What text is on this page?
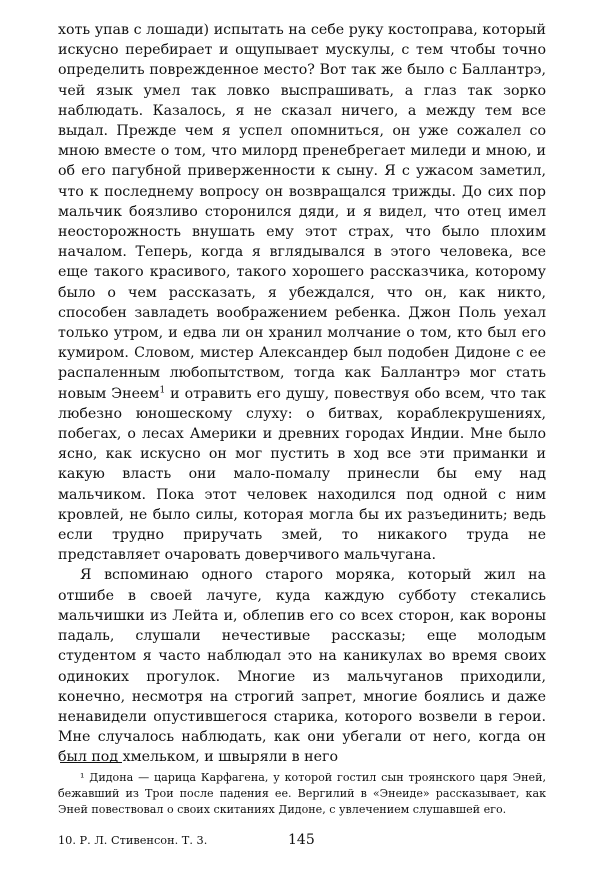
хоть упав с лошади) испытать на себе руку костоправа, который искусно перебирает и ощупывает мускулы, с тем чтобы точно определить поврежденное место? Вот так же было с Баллантрэ, чей язык умел так ловко выспрашивать, а глаз так зорко наблюдать. Казалось, я не сказал ничего, а между тем все выдал. Прежде чем я успел опомниться, он уже сожалел со мною вместе о том, что милорд пренебрегает миледи и мною, и об его пагубной приверженности к сыну. Я с ужасом заметил, что к последнему вопросу он возвращался трижды. До сих пор мальчик боязливо сторонился дяди, и я видел, что отец имел неосторожность внушать ему этот страх, что было плохим началом. Теперь, когда я вглядывался в этого человека, все еще такого красивого, такого хорошего рассказчика, которому было о чем рассказать, я убеждался, что он, как никто, способен завладеть воображением ребенка. Джон Поль уехал только утром, и едва ли он хранил молчание о том, кто был его кумиром. Словом, мистер Александер был подобен Дидоне с ее распаленным любопытством, тогда как Баллантрэ мог стать новым Энеем$^1$ и отравить его душу, повествуя обо всем, что так любезно юношескому слуху: о битвах, кораблекрушениях, побегах, о лесах Америки и древних городах Индии. Мне было ясно, как искусно он мог пустить в ход все эти приманки и какую власть они мало-помалу принесли бы ему над мальчиком. Пока этот человек находился под одной с ним кровлей, не было силы, которая могла бы их разъединить; ведь если трудно приручать змей, то никакого труда не представляет очаровать доверчивого мальчугана.

Я вспоминаю одного старого моряка, который жил на отшибе в своей лачуге, куда каждую субботу стекались мальчишки из Лейта и, облепив его со всех сторон, как вороны падаль, слушали нечестивые рассказы; еще молодым студентом я часто наблюдал это на каникулах во время своих одиноких прогулок. Многие из мальчуганов приходили, конечно, несмотря на строгий запрет, многие боялись и даже ненавидели опустившегося старика, которого возвели в герои. Мне случалось наблюдать, как они убегали от него, когда он был под хмельком, и швыряли в него

¹ Дидона — царица Карфагена, у которой гостил сын троянского царя Эней, бежавший из Трои после падения ее. Вергилий в «Энеиде» рассказывает, как Эней повествовал о своих скитаниях Дидоне, с увлечением слушавшей его.

10. Р. Л. Стивенсон. Т. 3.	145
